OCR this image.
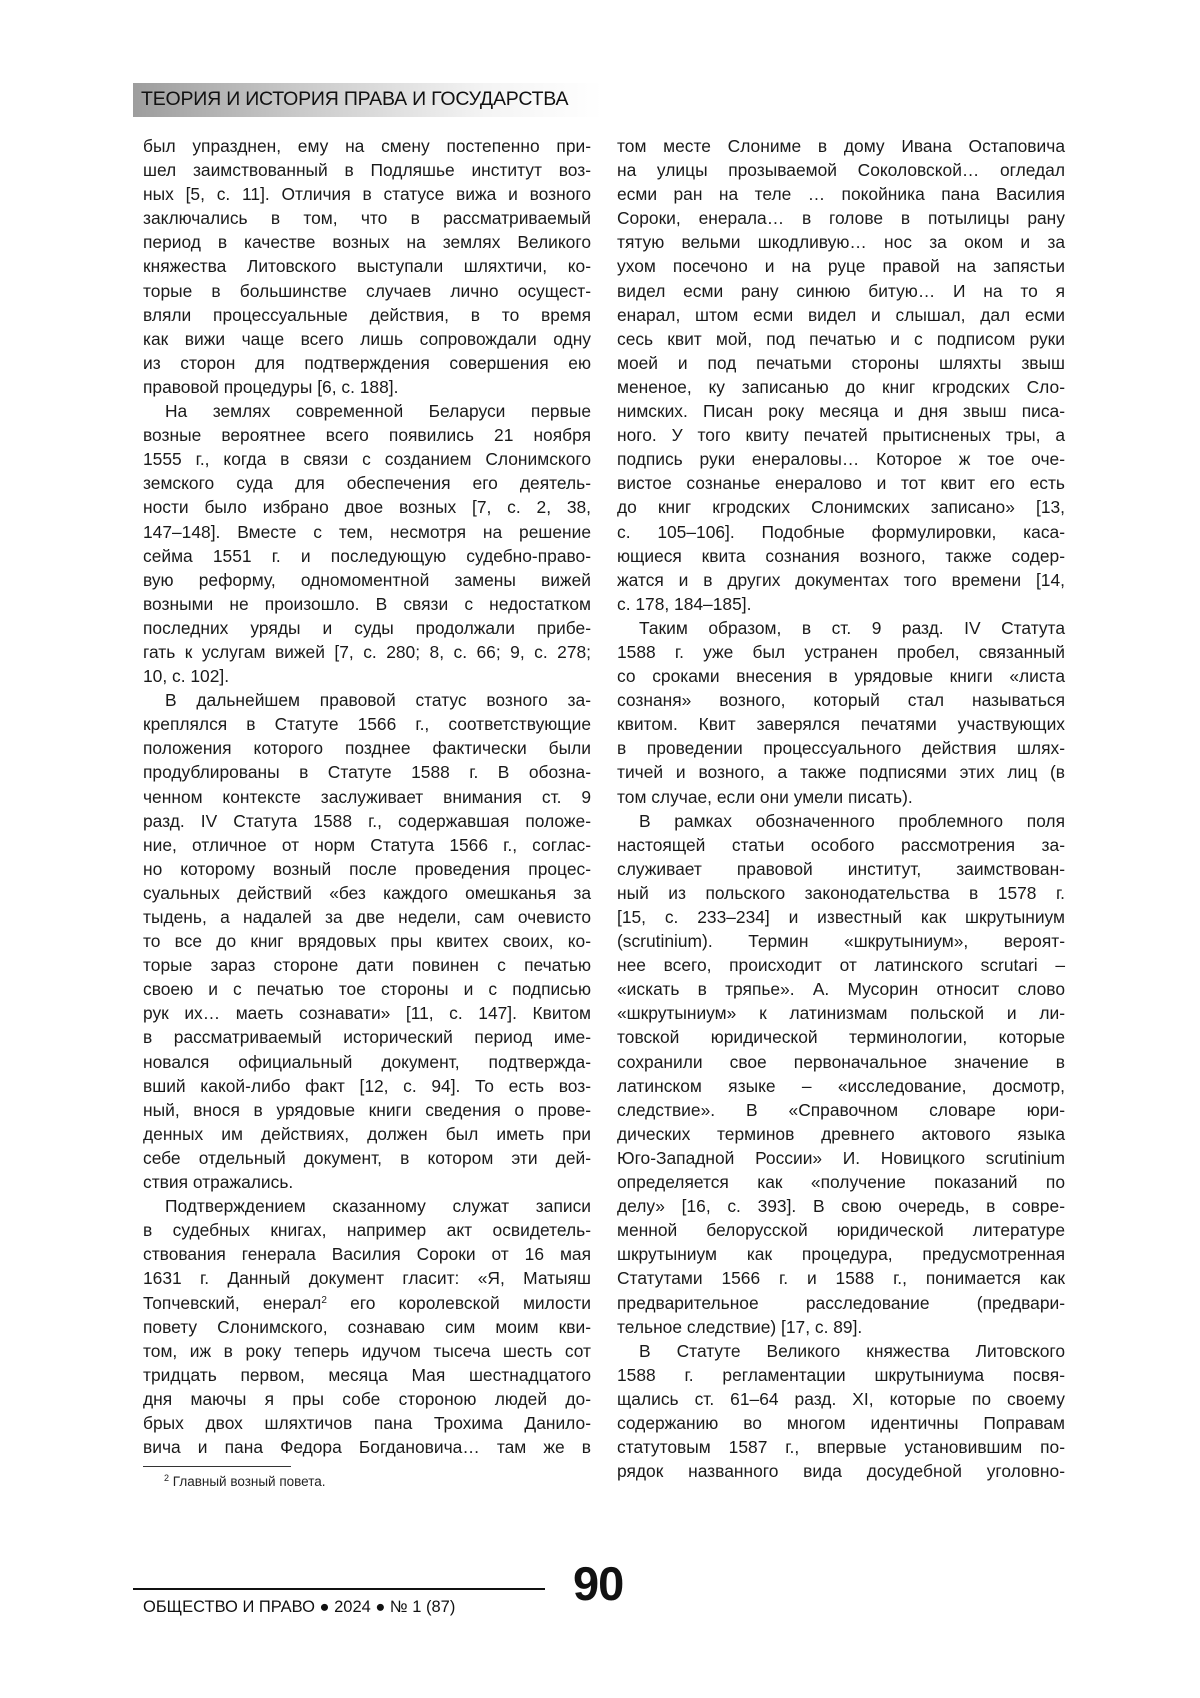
ТЕОРИЯ И ИСТОРИЯ ПРАВА И ГОСУДАРСТВА
был упразднен, ему на смену постепенно при-
шел заимствованный в Подляшье институт воз-
ных [5, с. 11]. Отличия в статусе вижа и возного
заключались в том, что в рассматриваемый
период в качестве возных на землях Великого
княжества Литовского выступали шляхтичи, ко-
торые в большинстве случаев лично осущест-
вляли процессуальные действия, в то время
как вижи чаще всего лишь сопровождали одну
из сторон для подтверждения совершения ею
правовой процедуры [6, с. 188].
На землях современной Беларуси первые
возные вероятнее всего появились 21 ноября
1555 г., когда в связи с созданием Слонимского
земского суда для обеспечения его деятель-
ности было избрано двое возных [7, с. 2, 38,
147–148]. Вместе с тем, несмотря на решение
сейма 1551 г. и последующую судебно-право-
вую реформу, одномоментной замены вижей
возными не произошло. В связи с недостатком
последних уряды и суды продолжали прибе-
гать к услугам вижей [7, с. 280; 8, с. 66; 9, с. 278;
10, с. 102].
В дальнейшем правовой статус возного за-
креплялся в Статуте 1566 г., соответствующие
положения которого позднее фактически были
продублированы в Статуте 1588 г. В обозна-
ченном контексте заслуживает внимания ст. 9
разд. IV Статута 1588 г., содержавшая положе-
ние, отличное от норм Статута 1566 г., соглас-
но которому возный после проведения процес-
суальных действий «без каждого омешканья за
тыдень, а надалей за две недели, сам очевисто
то все до книг врядовых пры квитех своих, ко-
торые зараз стороне дати повинен с печатью
своею и с печатью тое стороны и с подписью
рук их… маеть сознавати» [11, с. 147]. Квитом
в рассматриваемый исторический период име-
новался официальный документ, подтвержда-
вший какой-либо факт [12, с. 94]. То есть воз-
ный, внося в урядовые книги сведения о прове-
денных им действиях, должен был иметь при
себе отдельный документ, в котором эти дей-
ствия отражались.
Подтверждением сказанному служат записи
в судебных книгах, например акт освидетель-
ствования генерала Василия Сороки от 16 мая
1631 г. Данный документ гласит: «Я, Матыяш
Топчевский, енерал2 его королевской милости
повету Слонимского, сознаваю сим моим кви-
том, иж в року теперь идучом тысеча шесть сот
тридцать первом, месяца Мая шестнадцатого
дня маючы я пры собе стороною людей до-
брых двох шляхтичов пана Трохима Данило-
вича и пана Федора Богдановича… там же в
том месте Слониме в дому Ивана Остаповича
на улицы прозываемой Соколовской… огледал
есми ран на теле … покойника пана Василия
Сороки, енерала… в голове в потылицы рану
тятую вельми шкодливую… нос за оком и за
ухом посечоно и на руце правой на запястьи
видел есми рану синюю битую… И на то я
енарал, штом есми видел и слышал, дал есми
сесь квит мой, под печатью и с подписом руки
моей и под печатьми стороны шляхты звыш
мененое, ку записанью до книг кгродских Сло-
нимских. Писан року месяца и дня звыш писа-
ного. У того квиту печатей прытисненых тры, а
подпись руки енераловы… Которое ж тое оче-
вистое сознанье енералово и тот квит его есть
до книг кгродских Слонимских записано» [13,
с. 105–106]. Подобные формулировки, каса-
ющиеся квита сознания возного, также содер-
жатся и в других документах того времени [14,
с. 178, 184–185].
Таким образом, в ст. 9 разд. IV Статута
1588 г. уже был устранен пробел, связанный
со сроками внесения в урядовые книги «листа
сознаня» возного, который стал называться
квитом. Квит заверялся печатями участвующих
в проведении процессуального действия шлях-
тичей и возного, а также подписями этих лиц (в
том случае, если они умели писать).
В рамках обозначенного проблемного поля
настоящей статьи особого рассмотрения за-
служивает правовой институт, заимствован-
ный из польского законодательства в 1578 г.
[15, с. 233–234] и известный как шкрутыниум
(scrutinium). Термин «шкрутыниум», вероят-
нее всего, происходит от латинского scrutari –
«искать в тряпье». А. Мусорин относит слово
«шкрутыниум» к латинизмам польской и ли-
товской юридической терминологии, которые
сохранили свое первоначальное значение в
латинском языке – «исследование, досмотр,
следствие». В «Справочном словаре юри-
дических терминов древнего актового языка
Юго-Западной России» И. Новицкого scrutinium
определяется как «получение показаний по
делу» [16, с. 393]. В свою очередь, в совре-
менной белорусской юридической литературе
шкрутыниум как процедура, предусмотренная
Статутами 1566 г. и 1588 г., понимается как
предварительное расследование (предвари-
тельное следствие) [17, с. 89].
В Статуте Великого княжества Литовского
1588 г. регламентации шкрутыниума посвя-
щались ст. 61–64 разд. XI, которые по своему
содержанию во многом идентичны Поправам
статутовым 1587 г., впервые установившим по-
рядок названного вида досудебной уголовно-
2 Главный возный повета.
90
ОБЩЕСТВО И ПРАВО ● 2024 ● № 1 (87)
